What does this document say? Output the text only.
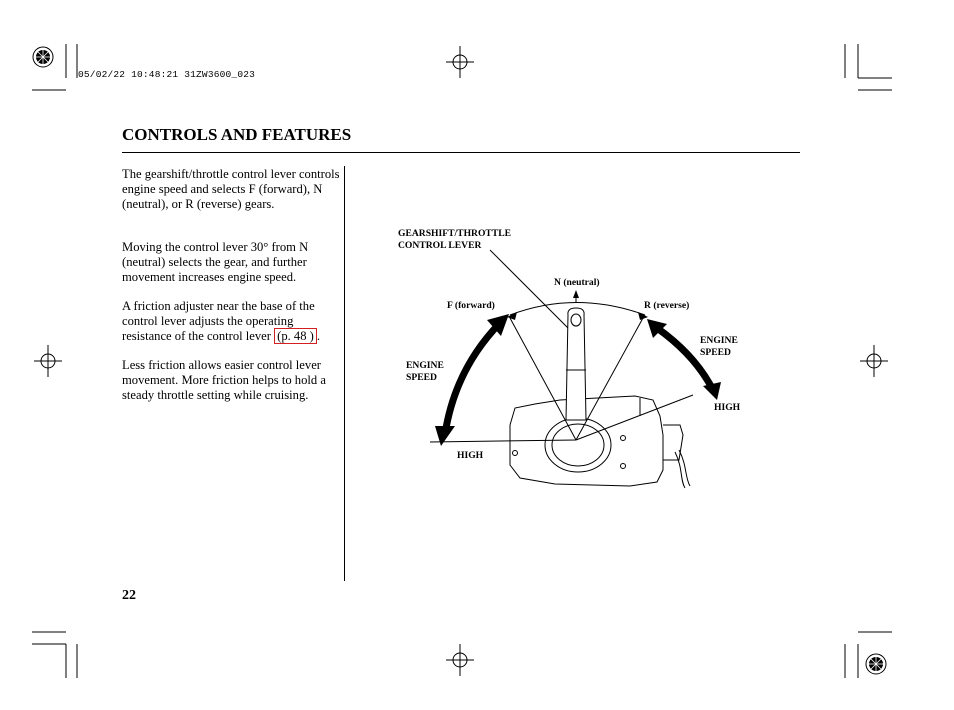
05/02/22 10:48:21 31ZW3600_023
CONTROLS AND FEATURES
The gearshift/throttle control lever controls engine speed and selects F (forward), N (neutral), or R (reverse) gears.
Moving the control lever 30° from N (neutral) selects the gear, and further movement increases engine speed.
A friction adjuster near the base of the control lever adjusts the operating resistance of the control lever (p. 48 ) .
Less friction allows easier control lever movement. More friction helps to hold a steady throttle setting while cruising.
22
GEARSHIFT/THROTTLE
CONTROL LEVER
N (neutral)
F (forward)	R (reverse)
ENGINE
SPEED
ENGINE
SPEED
HIGH
HIGH
